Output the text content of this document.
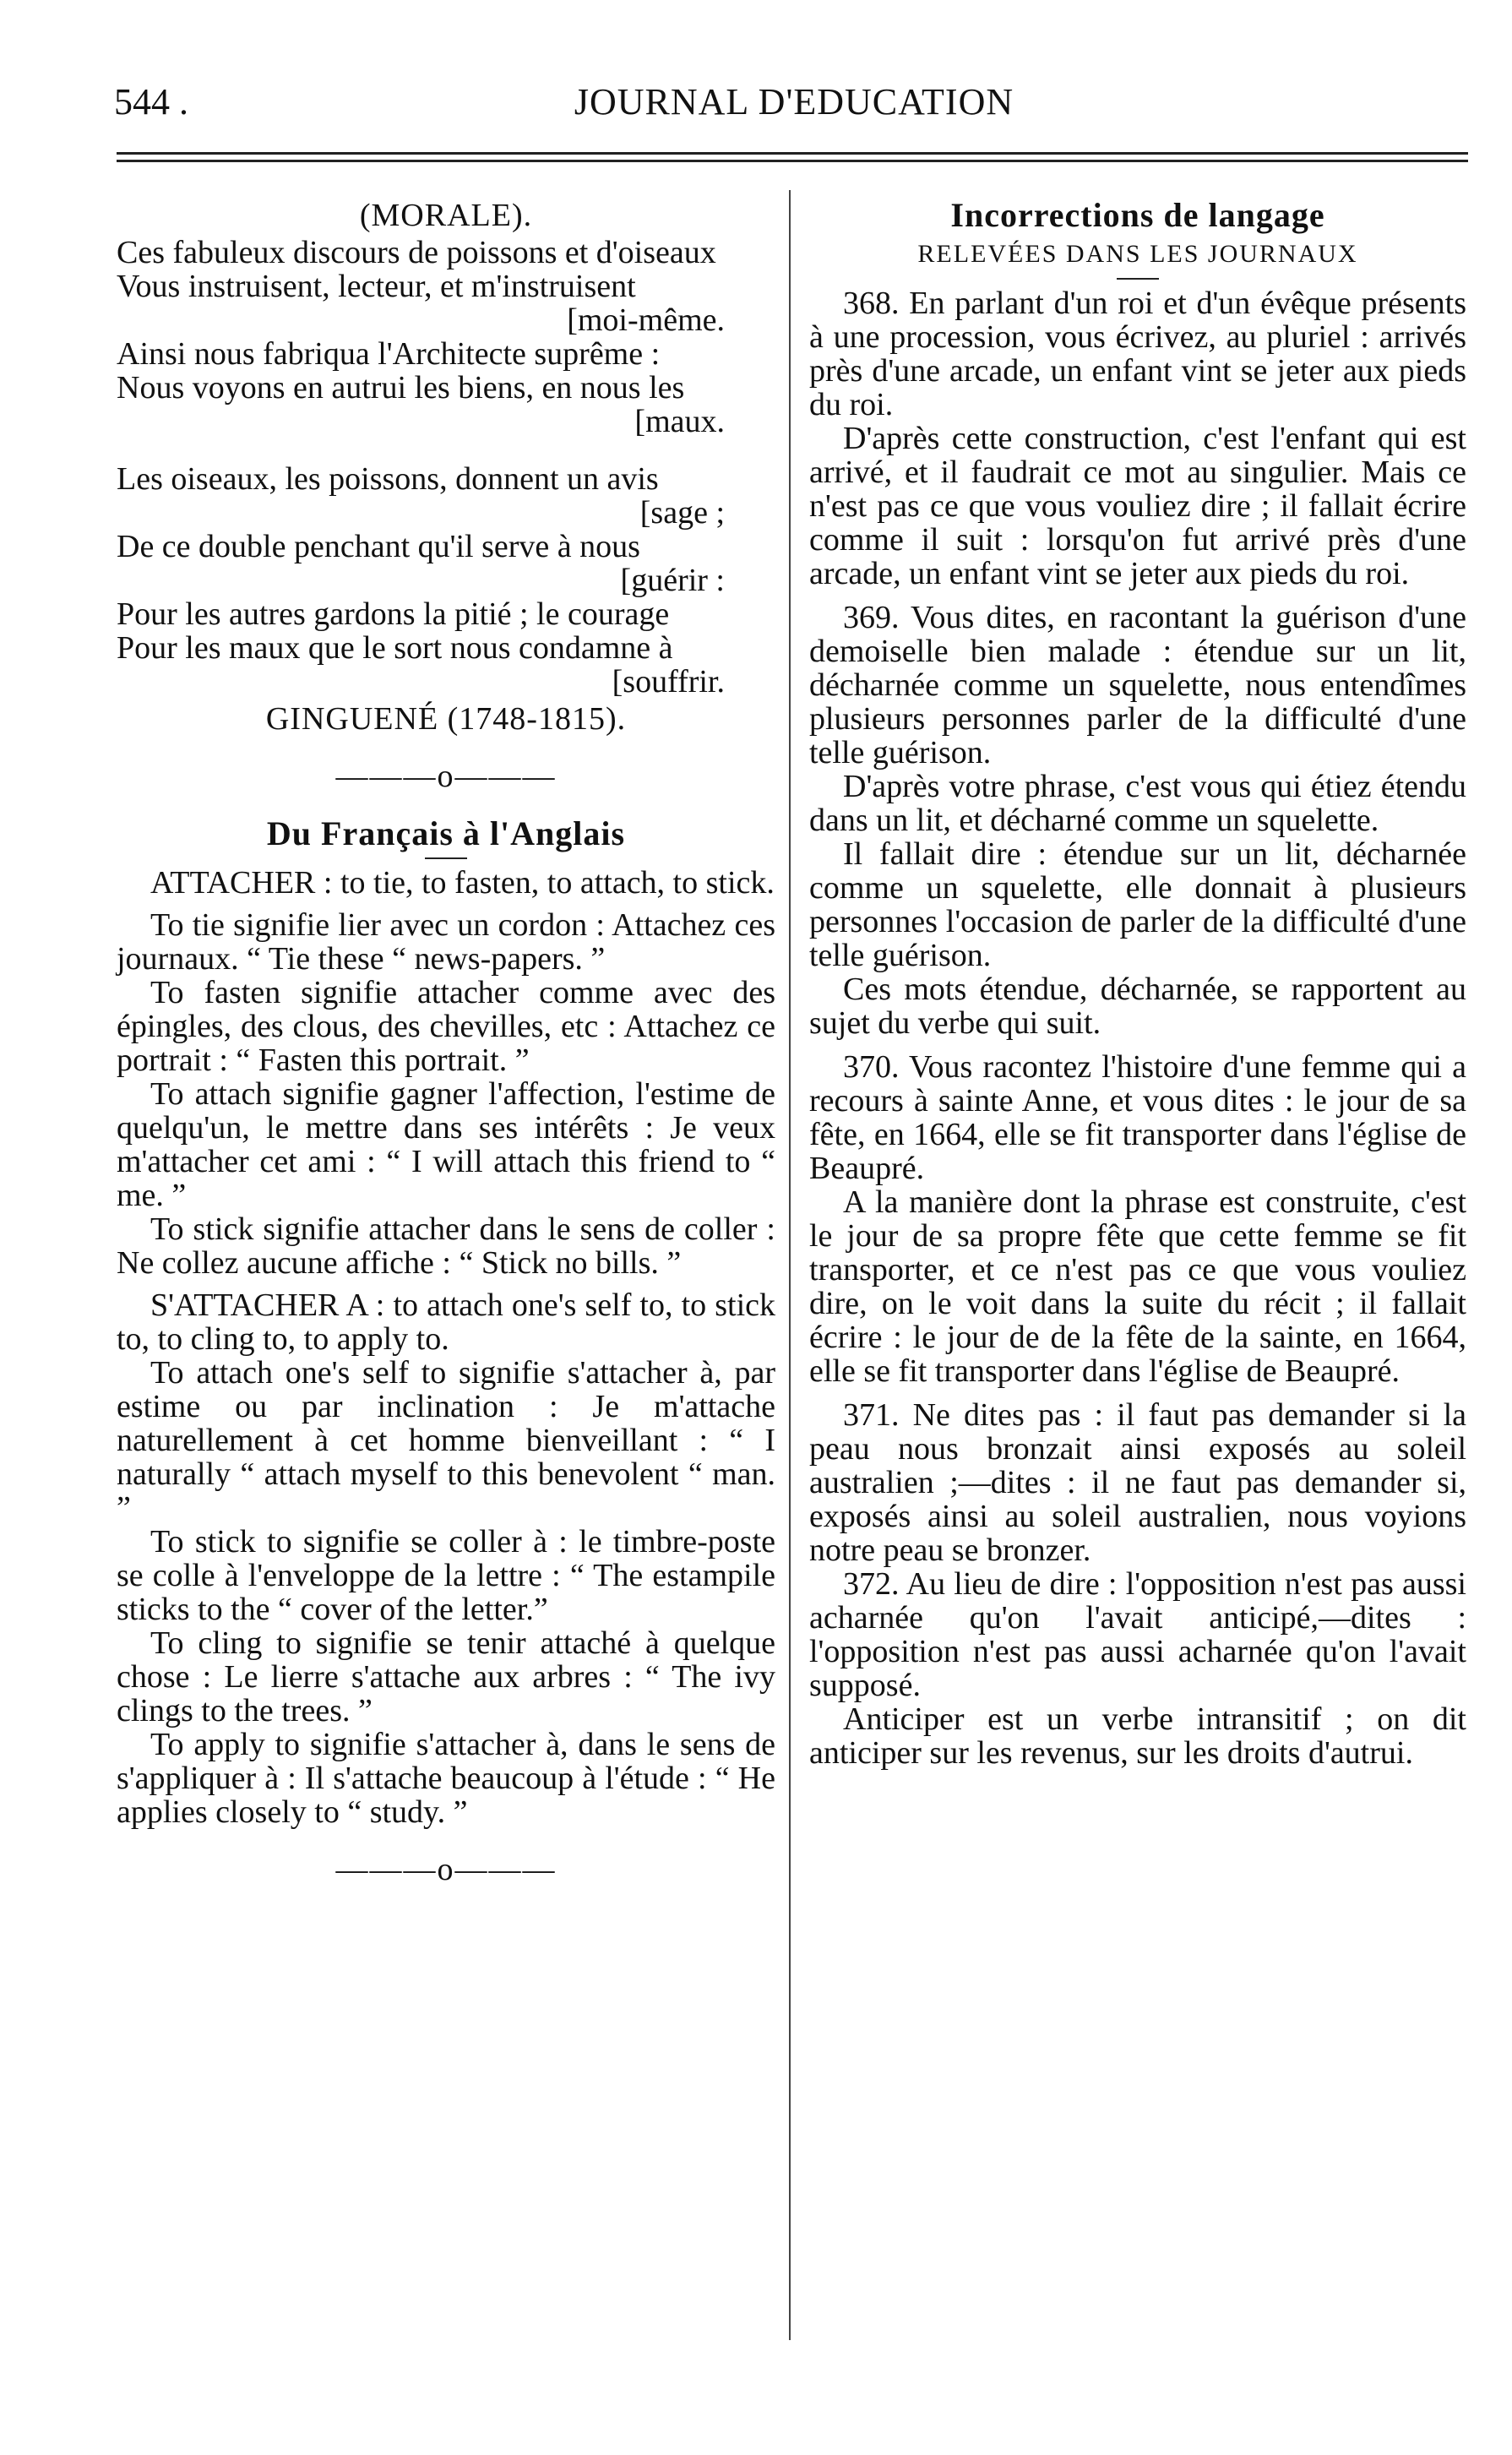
544 .	JOURNAL D'EDUCATION

(MORALE).

Ces fabuleux discours de poissons et d'oiseaux

Vous instruisent, lecteur, et m'instruisent

[moi-même.

Ainsi nous fabriqua l'Architecte suprême :

Nous voyons en autrui les biens, en nous les

[maux.

Les oiseaux, les poissons, donnent un avis

[sage ;

De ce double penchant qu'il serve à nous

[guérir :

Pour les autres gardons la pitié ; le courage

Pour les maux que le sort nous condamne à

[souffrir.

GINGUENÉ (1748-1815).

———o———

Du Français à l'Anglais

ATTACHER : to tie, to fasten, to attach, to stick.

To tie signifie lier avec un cordon : Attachez ces journaux. “ Tie these “ news-papers. ”

To fasten signifie attacher comme avec des épingles, des clous, des chevilles, etc : Attachez ce portrait : “ Fasten this portrait. ”

To attach signifie gagner l'affection, l'estime de quelqu'un, le mettre dans ses intérêts : Je veux m'attacher cet ami : “ I will attach this friend to “ me. ”

To stick signifie attacher dans le sens de coller : Ne collez aucune affiche : “ Stick no bills. ”

S'ATTACHER A : to attach one's self to, to stick to, to cling to, to apply to.

To attach one's self to signifie s'attacher à, par estime ou par inclination : Je m'attache naturellement à cet homme bienveillant : “ I naturally “ attach myself to this benevolent “ man. ”

To stick to signifie se coller à : le timbre-poste se colle à l'enveloppe de la lettre : “ The estampile sticks to the “ cover of the letter.”

To cling to signifie se tenir attaché à quelque chose : Le lierre s'attache aux arbres : “ The ivy clings to the trees. ”

To apply to signifie s'attacher à, dans le sens de s'appliquer à : Il s'attache beaucoup à l'étude : “ He applies closely to “ study. ”

———o———

Incorrections de langage

RELEVÉES DANS LES JOURNAUX

368. En parlant d'un roi et d'un évêque présents à une procession, vous écrivez, au pluriel : arrivés près d'une arcade, un enfant vint se jeter aux pieds du roi.

D'après cette construction, c'est l'enfant qui est arrivé, et il faudrait ce mot au singulier. Mais ce n'est pas ce que vous vouliez dire ; il fallait écrire comme il suit : lorsqu'on fut arrivé près d'une arcade, un enfant vint se jeter aux pieds du roi.

369. Vous dites, en racontant la guérison d'une demoiselle bien malade : étendue sur un lit, décharnée comme un squelette, nous entendîmes plusieurs personnes parler de la difficulté d'une telle guérison.

D'après votre phrase, c'est vous qui étiez étendu dans un lit, et décharné comme un squelette.

Il fallait dire : étendue sur un lit, décharnée comme un squelette, elle donnait à plusieurs personnes l'occasion de parler de la difficulté d'une telle guérison.

Ces mots étendue, décharnée, se rapportent au sujet du verbe qui suit.

370. Vous racontez l'histoire d'une femme qui a recours à sainte Anne, et vous dites : le jour de sa fête, en 1664, elle se fit transporter dans l'église de Beaupré.

A la manière dont la phrase est construite, c'est le jour de sa propre fête que cette femme se fit transporter, et ce n'est pas ce que vous vouliez dire, on le voit dans la suite du récit ; il fallait écrire : le jour de de la fête de la sainte, en 1664, elle se fit transporter dans l'église de Beaupré.

371. Ne dites pas : il faut pas demander si la peau nous bronzait ainsi exposés au soleil australien ;—dites : il ne faut pas demander si, exposés ainsi au soleil australien, nous voyions notre peau se bronzer.

372. Au lieu de dire : l'opposition n'est pas aussi acharnée qu'on l'avait anticipé,—dites : l'opposition n'est pas aussi acharnée qu'on l'avait supposé.

Anticiper est un verbe intransitif ; on dit anticiper sur les revenus, sur les droits d'autrui.
